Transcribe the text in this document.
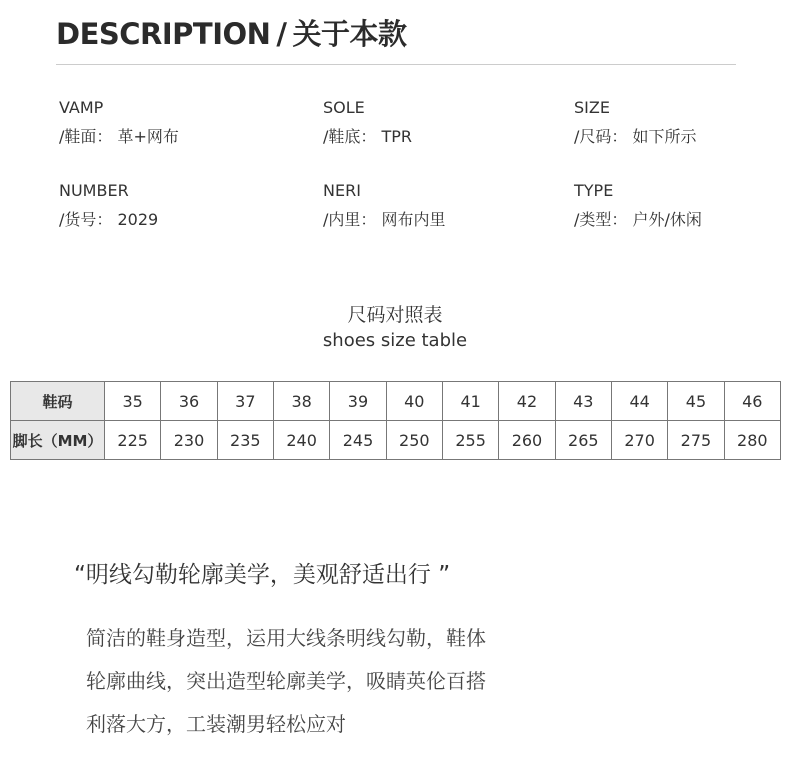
DESCRIPTION / 关于本款
VAMP
/鞋面： 革+网布
SOLE
/鞋底： TPR
SIZE
/尺码： 如下所示
NUMBER
/货号： 2029
NERI
/内里： 网布内里
TYPE
/类型： 户外/休闲
尺码对照表
shoes size table
鞋码	35	36	37	38	39	40	41	42	43	44	45	46
脚长（MM）	225	230	235	240	245	250	255	260	265	270	275	280
“明线勾勒轮廓美学，美观舒适出行 ”
简洁的鞋身造型，运用大线条明线勾勒，鞋体
轮廓曲线，突出造型轮廓美学，吸睛英伦百搭
利落大方，工装潮男轻松应对
